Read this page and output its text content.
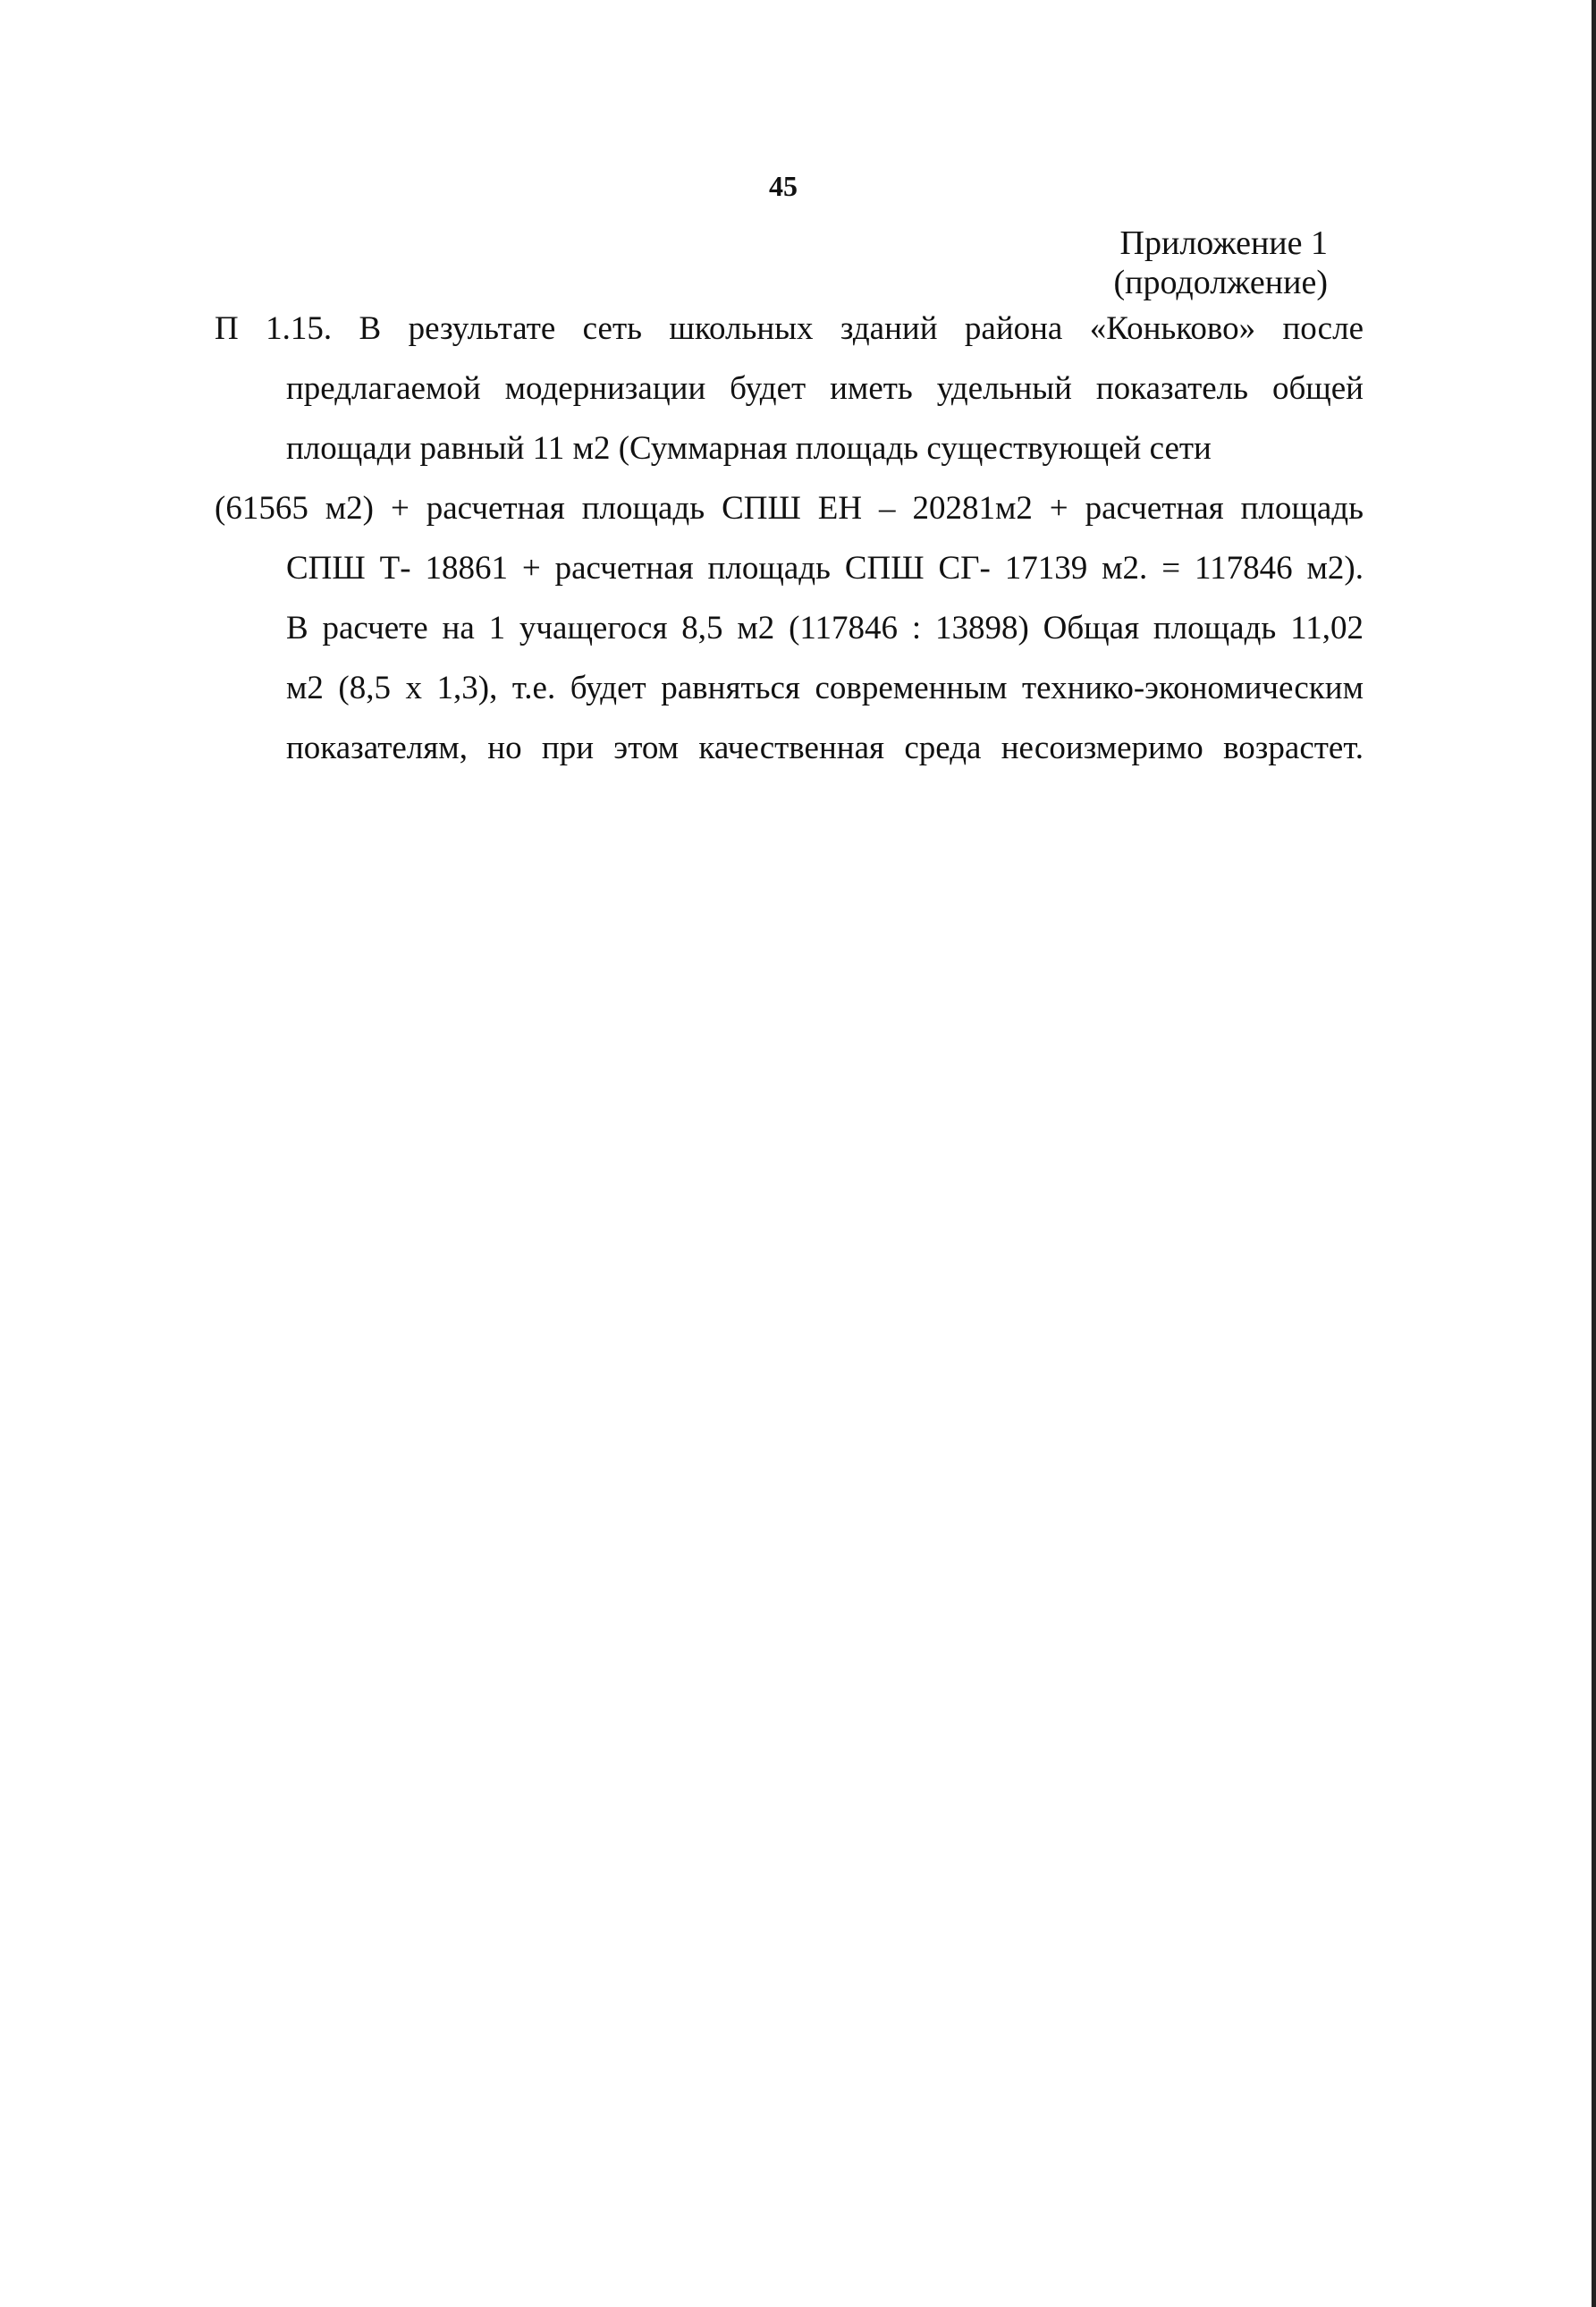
45
Приложение 1
(продолжение)
П 1.15. В результате сеть школьных зданий района «Коньково» после
предлагаемой модернизации будет иметь удельный показатель общей
площади равный 11 м2 (Суммарная площадь существующей сети
(61565 м2) + расчетная площадь СПШ ЕН – 20281м2 + расчетная площадь
СПШ Т- 18861 + расчетная площадь СПШ СГ- 17139 м2. = 117846 м2).
В расчете на 1 учащегося 8,5 м2 (117846 : 13898) Общая площадь 11,02
м2 (8,5 х 1,3), т.е. будет равняться современным технико-экономическим
показателям, но при этом качественная среда несоизмеримо возрастет.
